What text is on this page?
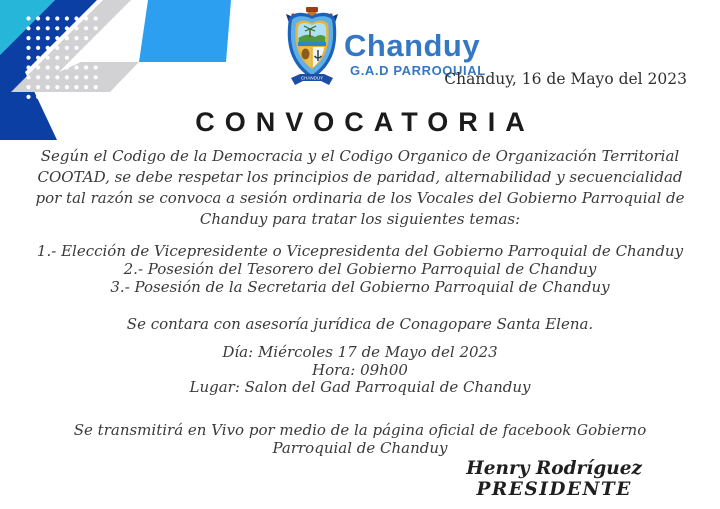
CHANDUY
Chanduy
G.A.D PARROQUIAL
Chanduy, 16 de Mayo del 2023
CONVOCATORIA
Según el Codigo de la Democracia y el Codigo Organico de Organización Territorial
COOTAD, se debe respetar los principios de paridad, alternabilidad y secuencialidad
por tal razón se convoca a sesión ordinaria de los Vocales del Gobierno Parroquial de
Chanduy para tratar los siguientes temas:
1.- Elección de Vicepresidente o Vicepresidenta del Gobierno Parroquial de Chanduy
2.- Posesión del Tesorero del Gobierno Parroquial de Chanduy
3.- Posesión de la Secretaria del Gobierno Parroquial de Chanduy
Se contara con asesoría jurídica de Conagopare Santa Elena.
Día: Miércoles 17 de Mayo del 2023
Hora: 09h00
Lugar: Salon del Gad Parroquial de Chanduy
Se transmitirá en Vivo por medio de la página oficial de facebook Gobierno
Parroquial de Chanduy
Henry Rodríguez
PRESIDENTE
